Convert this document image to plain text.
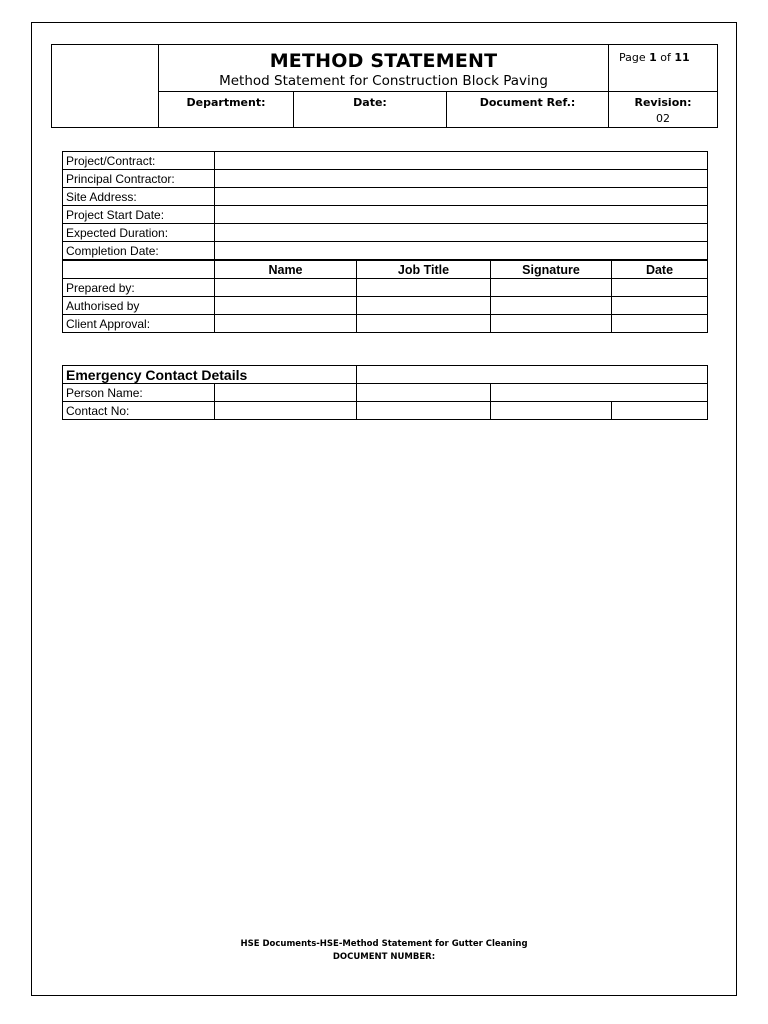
METHOD STATEMENT
Method Statement for Construction Block Paving
Page 1 of 11
Department:	Date:	Document Ref.:	Revision:
02
Project/Contract:				
Principal Contractor:				
Site Address:				
Project Start Date:				
Expected Duration:				
Completion Date:				
	Name	Job Title	Signature	Date
Prepared by:				
Authorised by				
Client Approval:				
Emergency Contact Details				
Person Name:				
Contact No:				
HSE Documents-HSE-Method Statement for Gutter Cleaning
DOCUMENT NUMBER:
